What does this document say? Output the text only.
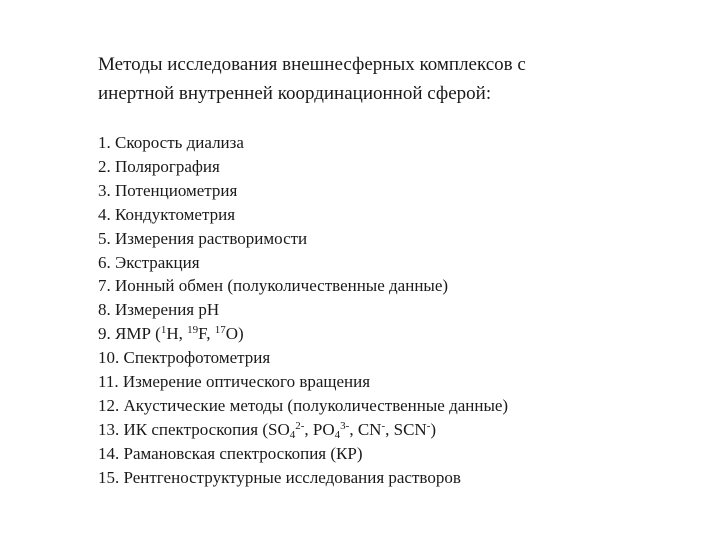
Методы исследования внешнесферных комплексов с
инертной внутренней координационной сферой:
1. Скорость диализа
2. Полярография
3. Потенциометрия
4. Кондуктометрия
5. Измерения растворимости
6. Экстракция
7. Ионный обмен (полуколичественные данные)
8. Измерения pH
9. ЯМР ($^1$H, $^{19}$F, $^{17}$O)
10. Спектрофотометрия
11. Измерение оптического вращения
12. Акустические методы (полуколичественные данные)
13. ИК спектроскопия ($SO_4^{2-}$, $PO_4^{3-}$, CN-, SCN-)
14. Рамановская спектроскопия (КР)
15. Рентгеноструктурные исследования растворов
